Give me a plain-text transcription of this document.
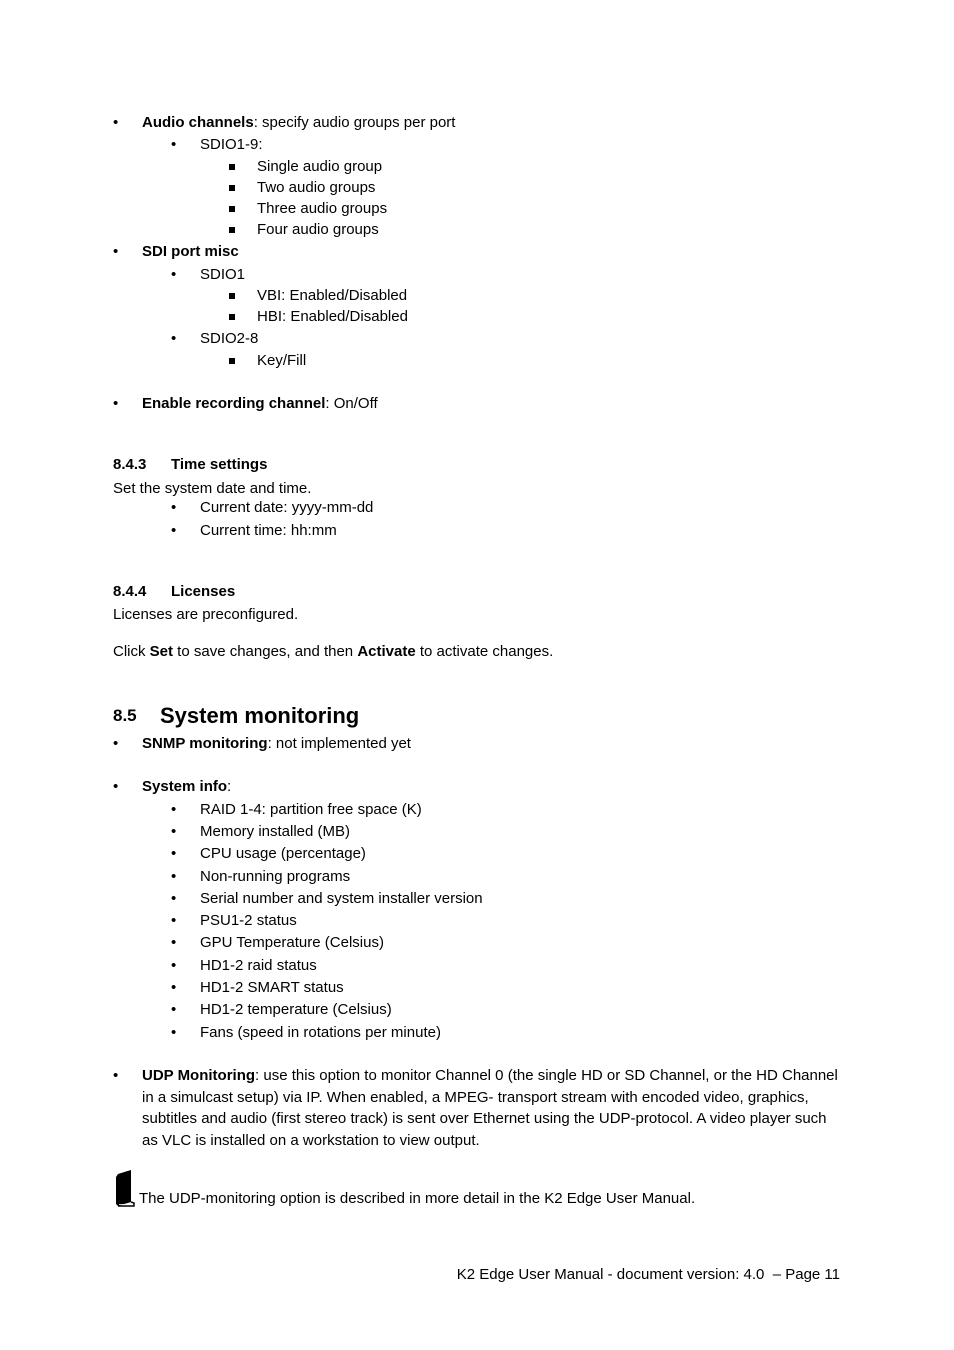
•	Audio channels: specify audio groups per port
•	SDIO1-9:
Single audio group
Two audio groups
Three audio groups
Four audio groups
•	SDI port misc
•	SDIO1
VBI: Enabled/Disabled
HBI: Enabled/Disabled
•	SDIO2-8
Key/Fill
•	Enable recording channel: On/Off
8.4.3 Time settings
Set the system date and time.
•	Current date: yyyy-mm-dd
•	Current time: hh:mm
8.4.4 Licenses
Licenses are preconfigured.
Click Set to save changes, and then Activate to activate changes.
8.5 System monitoring
•	SNMP monitoring: not implemented yet
•	System info:
•	RAID 1-4: partition free space (K)
•	Memory installed (MB)
•	CPU usage (percentage)
•	Non-running programs
•	Serial number and system installer version
•	PSU1-2 status
•	GPU Temperature (Celsius)
•	HD1-2 raid status
•	HD1-2 SMART status
•	HD1-2 temperature (Celsius)
•	Fans (speed in rotations per minute)
•	UDP Monitoring: use this option to monitor Channel 0 (the single HD or SD Channel, or the HD Channel in a simulcast setup) via IP. When enabled, a MPEG- transport stream with encoded video, graphics, subtitles and audio (first stereo track) is sent over Ethernet using the UDP-protocol. A video player such as VLC is installed on a workstation to view output.
The UDP-monitoring option is described in more detail in the K2 Edge User Manual.
K2 Edge User Manual - document version: 4.0  – Page 11
